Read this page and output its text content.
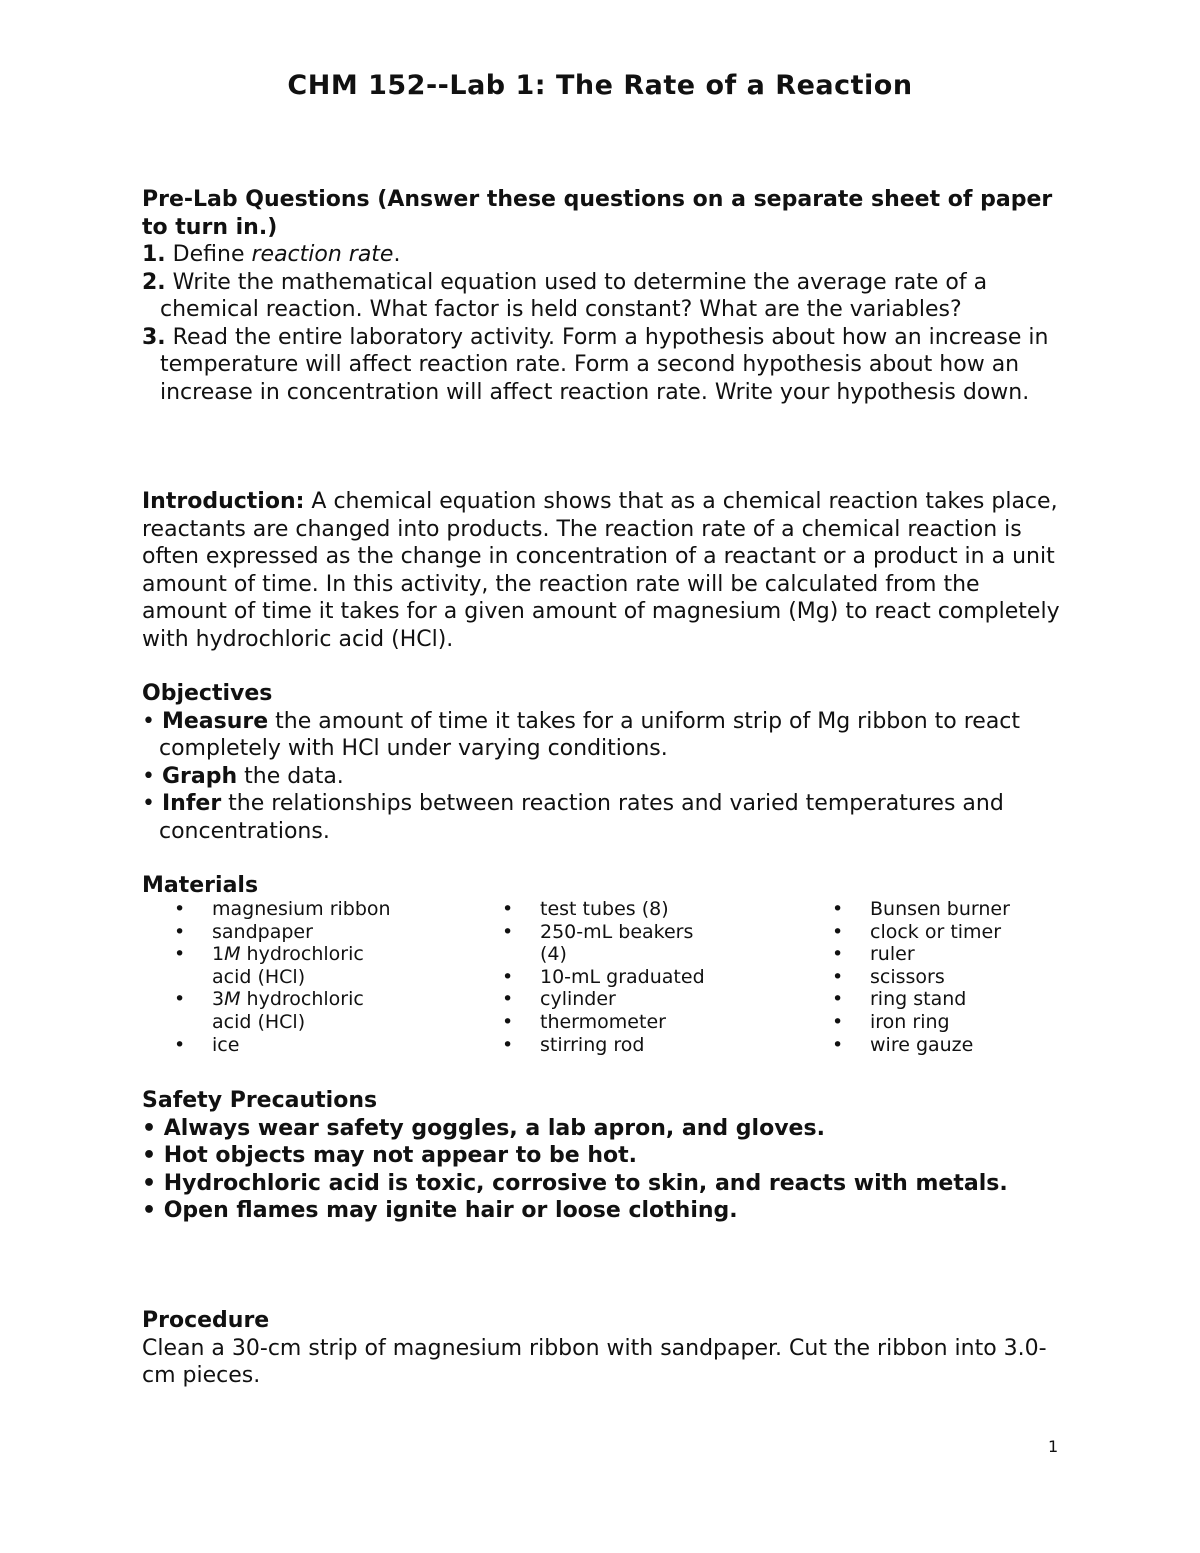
CHM 152--Lab 1: The Rate of a Reaction

Pre-Lab Questions (Answer these questions on a separate sheet of paper to turn in.)

1. Define reaction rate.

2. Write the mathematical equation used to determine the average rate of a chemical reaction. What factor is held constant? What are the variables?

3. Read the entire laboratory activity. Form a hypothesis about how an increase in temperature will affect reaction rate. Form a second hypothesis about how an increase in concentration will affect reaction rate. Write your hypothesis down.

Introduction: A chemical equation shows that as a chemical reaction takes place, reactants are changed into products. The reaction rate of a chemical reaction is often expressed as the change in concentration of a reactant or a product in a unit amount of time. In this activity, the reaction rate will be calculated from the amount of time it takes for a given amount of magnesium (Mg) to react completely with hydrochloric acid (HCl).

Objectives

• Measure the amount of time it takes for a uniform strip of Mg ribbon to react completely with HCl under varying conditions.

• Graph the data.

• Infer the relationships between reaction rates and varied temperatures and concentrations.

Materials

• magnesium ribbon
• sandpaper
• 1M hydrochloric
acid (HCl)
• 3M hydrochloric
acid (HCl)
• ice
• test tubes (8)
• 250-mL beakers
(4)
• 10-mL graduated
• cylinder
• thermometer
• stirring rod
• Bunsen burner
• clock or timer
• ruler
• scissors
• ring stand
• iron ring
• wire gauze

Safety Precautions

• Always wear safety goggles, a lab apron, and gloves.

• Hot objects may not appear to be hot.

• Hydrochloric acid is toxic, corrosive to skin, and reacts with metals.

• Open flames may ignite hair or loose clothing.

Procedure

Clean a 30-cm strip of magnesium ribbon with sandpaper. Cut the ribbon into 3.0-cm pieces.

1
